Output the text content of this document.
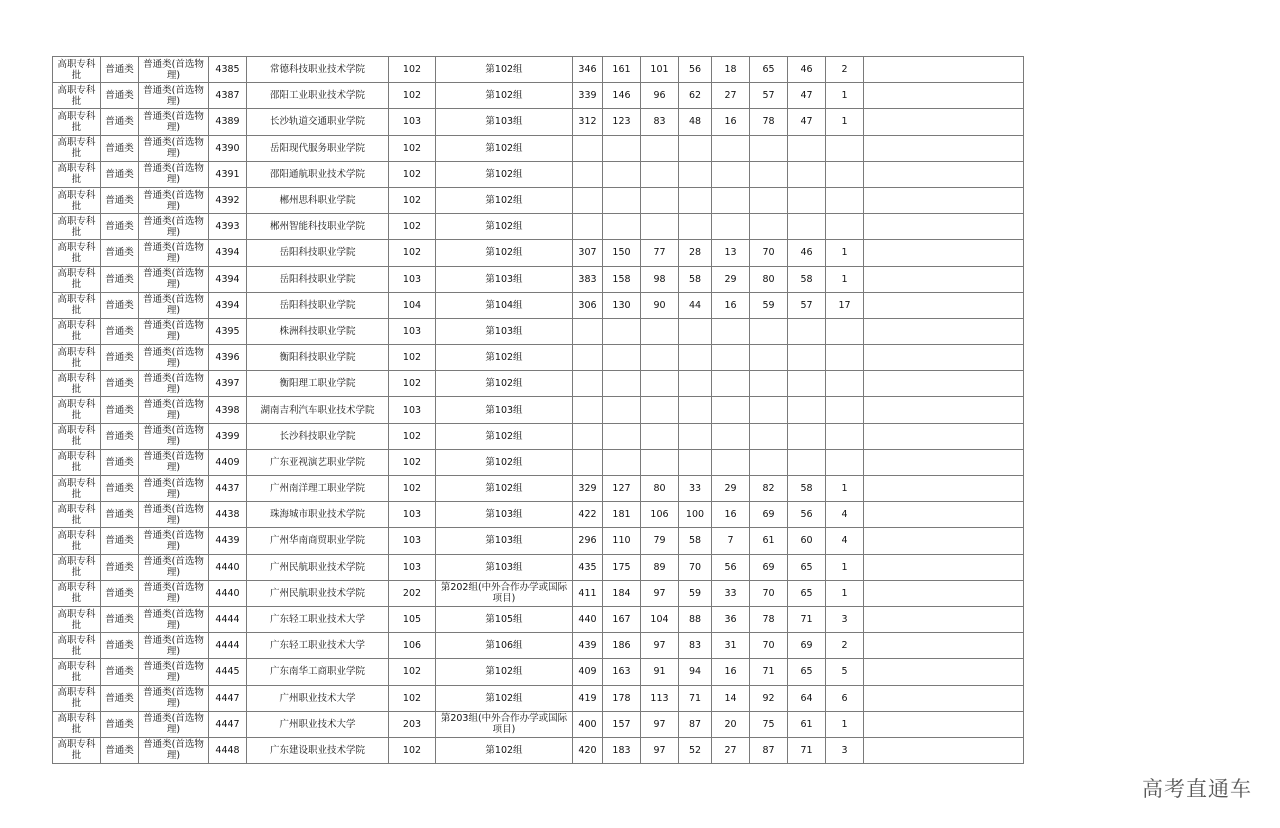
高职专科批	普通类	普通类(首选物理)	4385	常德科技职业技术学院	102	第102组	346	161	101	56	18	65	46	2	
高职专科批	普通类	普通类(首选物理)	4387	邵阳工业职业技术学院	102	第102组	339	146	96	62	27	57	47	1	
高职专科批	普通类	普通类(首选物理)	4389	长沙轨道交通职业学院	103	第103组	312	123	83	48	16	78	47	1	
高职专科批	普通类	普通类(首选物理)	4390	岳阳现代服务职业学院	102	第102组									
高职专科批	普通类	普通类(首选物理)	4391	邵阳通航职业技术学院	102	第102组									
高职专科批	普通类	普通类(首选物理)	4392	郴州思科职业学院	102	第102组									
高职专科批	普通类	普通类(首选物理)	4393	郴州智能科技职业学院	102	第102组									
高职专科批	普通类	普通类(首选物理)	4394	岳阳科技职业学院	102	第102组	307	150	77	28	13	70	46	1	
高职专科批	普通类	普通类(首选物理)	4394	岳阳科技职业学院	103	第103组	383	158	98	58	29	80	58	1	
高职专科批	普通类	普通类(首选物理)	4394	岳阳科技职业学院	104	第104组	306	130	90	44	16	59	57	17	
高职专科批	普通类	普通类(首选物理)	4395	株洲科技职业学院	103	第103组									
高职专科批	普通类	普通类(首选物理)	4396	衡阳科技职业学院	102	第102组									
高职专科批	普通类	普通类(首选物理)	4397	衡阳理工职业学院	102	第102组									
高职专科批	普通类	普通类(首选物理)	4398	湖南吉利汽车职业技术学院	103	第103组									
高职专科批	普通类	普通类(首选物理)	4399	长沙科技职业学院	102	第102组									
高职专科批	普通类	普通类(首选物理)	4409	广东亚视演艺职业学院	102	第102组									
高职专科批	普通类	普通类(首选物理)	4437	广州南洋理工职业学院	102	第102组	329	127	80	33	29	82	58	1	
高职专科批	普通类	普通类(首选物理)	4438	珠海城市职业技术学院	103	第103组	422	181	106	100	16	69	56	4	
高职专科批	普通类	普通类(首选物理)	4439	广州华南商贸职业学院	103	第103组	296	110	79	58	7	61	60	4	
高职专科批	普通类	普通类(首选物理)	4440	广州民航职业技术学院	103	第103组	435	175	89	70	56	69	65	1	
高职专科批	普通类	普通类(首选物理)	4440	广州民航职业技术学院	202	第202组(中外合作办学或国际项目)	411	184	97	59	33	70	65	1	
高职专科批	普通类	普通类(首选物理)	4444	广东轻工职业技术大学	105	第105组	440	167	104	88	36	78	71	3	
高职专科批	普通类	普通类(首选物理)	4444	广东轻工职业技术大学	106	第106组	439	186	97	83	31	70	69	2	
高职专科批	普通类	普通类(首选物理)	4445	广东南华工商职业学院	102	第102组	409	163	91	94	16	71	65	5	
高职专科批	普通类	普通类(首选物理)	4447	广州职业技术大学	102	第102组	419	178	113	71	14	92	64	6	
高职专科批	普通类	普通类(首选物理)	4447	广州职业技术大学	203	第203组(中外合作办学或国际项目)	400	157	97	87	20	75	61	1	
高职专科批	普通类	普通类(首选物理)	4448	广东建设职业技术学院	102	第102组	420	183	97	52	27	87	71	3	
高考直通车
